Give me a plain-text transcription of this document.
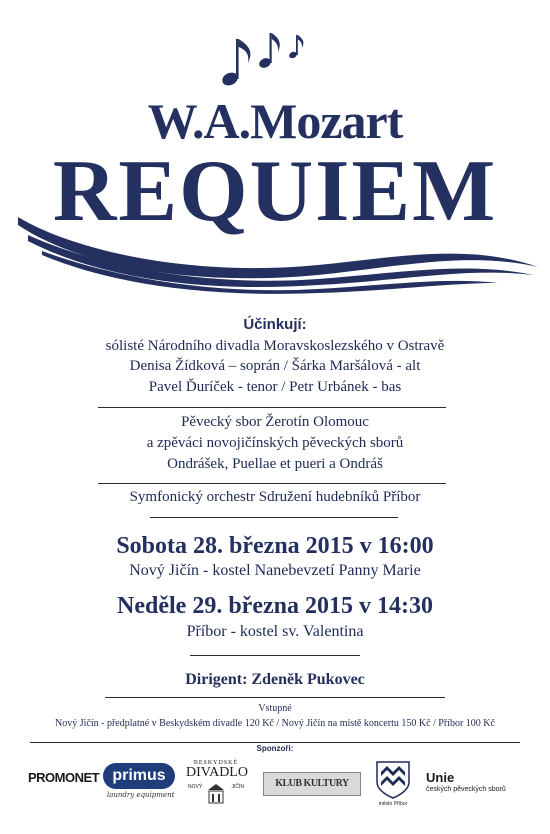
W.A.Mozart
REQUIEM
Účinkují:
sólisté Národního divadla Moravskoslezského v Ostravě
Denisa Žídková – soprán / Šárka Maršálová - alt
Pavel Ďuríček - tenor / Petr Urbánek - bas
Pěvecký sbor Žerotín Olomouc
a zpěváci novojičínských pěveckých sborů
Ondrášek, Puellae et pueri a Ondráš
Symfonický orchestr Sdružení hudebníků Příbor
Sobota 28. března 2015 v 16:00
Nový Jičín - kostel Nanebevzetí Panny Marie
Neděle 29. března 2015 v 14:30
Příbor - kostel sv. Valentina
Dirigent: Zdeněk Pukovec
Vstupné
Nový Jičín - předplatné v Beskydském divadle 120 Kč / Nový Jičín na místě koncertu 150 Kč / Příbor 100 Kč
Sponzoři:
PROMONET primus
laundry equipment
BESKYDSKÉ
DIVADLO
NOVÝ	JIČÍN	KLUB KULTURY
město Příbor
Unie
českých pěveckých sborů
